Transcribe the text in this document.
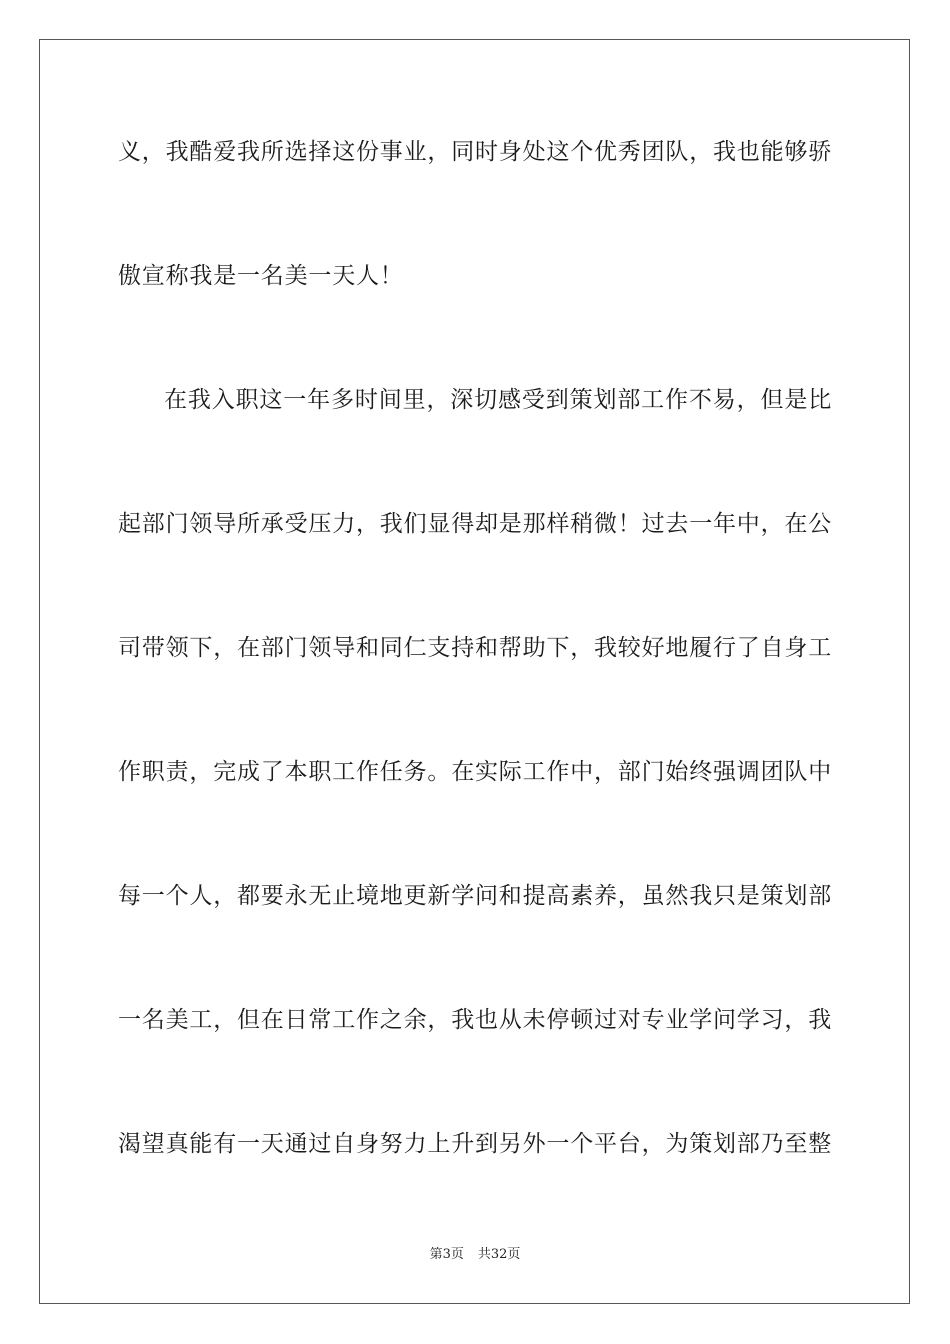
义，我酷爱我所选择这份事业，同时身处这个优秀团队，我也能够骄
傲宣称我是一名美一天人！
在我入职这一年多时间里，深切感受到策划部工作不易，但是比
起部门领导所承受压力，我们显得却是那样稍微！过去一年中，在公
司带领下，在部门领导和同仁支持和帮助下，我较好地履行了自身工
作职责，完成了本职工作任务。在实际工作中，部门始终强调团队中
每一个人，都要永无止境地更新学问和提高素养，虽然我只是策划部
一名美工，但在日常工作之余，我也从未停顿过对专业学问学习，我
渴望真能有一天通过自身努力上升到另外一个平台，为策划部乃至整
第3页 共32页
